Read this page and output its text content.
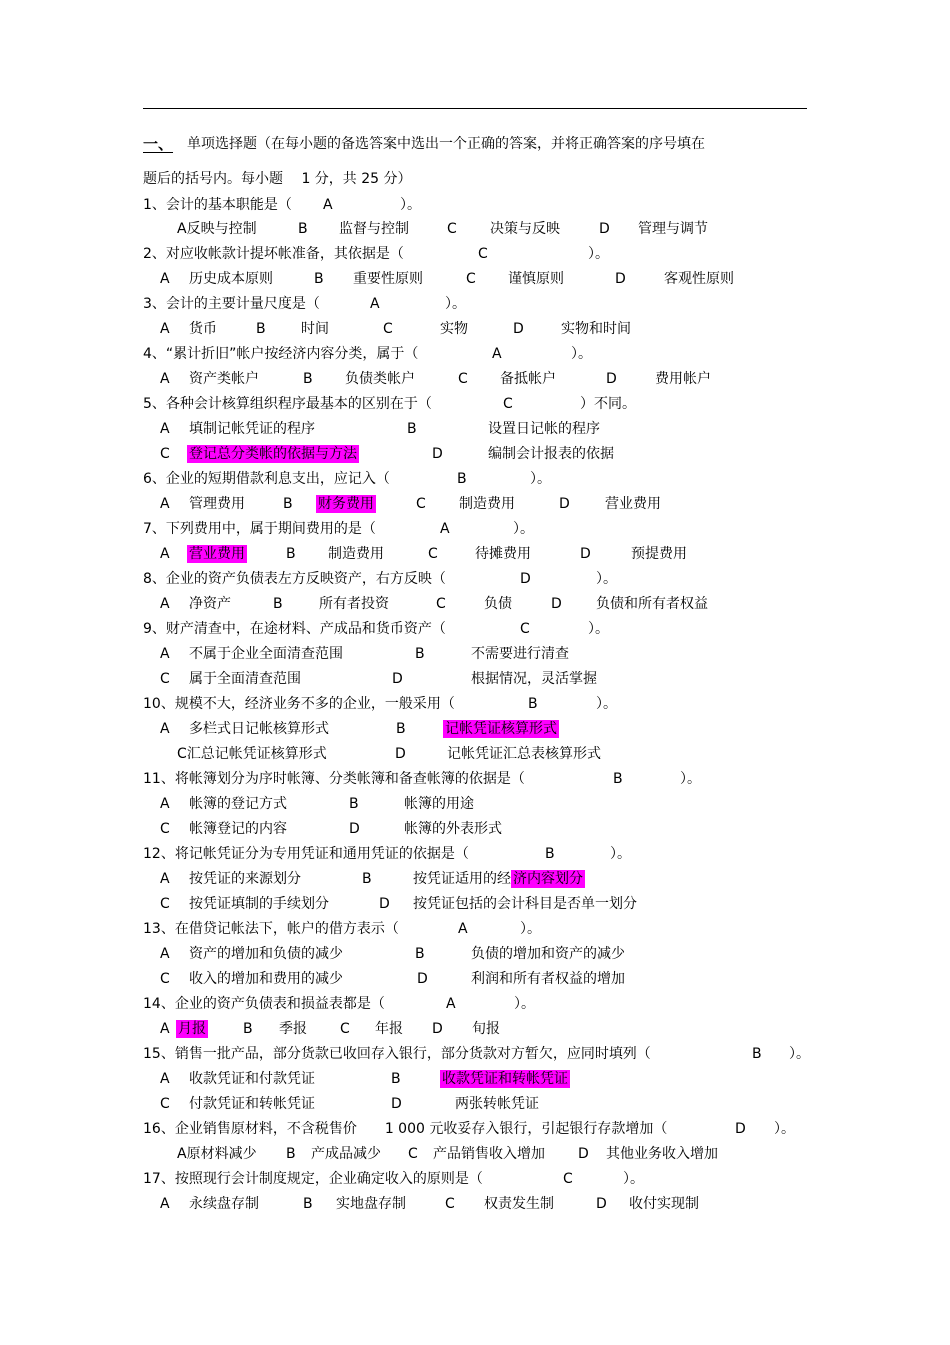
一、

单项选择题（在每小题的备选答案中选出一个正确的答案，并将正确答案的序号填在

题后的括号内。每小题　 1 分，共 25 分）

1、会计的基本职能是（ A	）。
A反映与控制	B 监督与控制	C 决策与反映	D 管理与调节
2、对应收帐款计提坏帐准备，其依据是（	C	）。
A 历史成本原则	B 重要性原则	C 谨慎原则	D	客观性原则
3、会计的主要计量尺度是（	A	）。
A 货币	B	时间	C	实物	D	实物和时间
4、“累计折旧”帐户按经济内容分类，属于（	A	）。
A 资产类帐户	B 负债类帐户	C 备抵帐户	D	费用帐户
5、各种会计核算组织程序最基本的区别在于（	C	）不同。
A 填制记帐凭证的程序	B	设置日记帐的程序
C 登记总分类帐的依据与方法	D	编制会计报表的依据
6、企业的短期借款利息支出，应记入（	B	）。
A 管理费用	B 财务费用	C 制造费用	D	营业费用
7、下列费用中，属于期间费用的是（	A	）。
A 营业费用	B 制造费用	C	待摊费用	D	预提费用
8、企业的资产负债表左方反映资产，右方反映（	D	）。
A 净资产	B	所有者投资	C	负债	D 负债和所有者权益
9、财产清查中，在途材料、产成品和货币资产（	C	）。
A 不属于企业全面清查范围	B	不需要进行清查
C 属于全面清查范围	D	根据情况，灵活掌握
10、规模不大，经济业务不多的企业，一般采用（	B	）。
A 多栏式日记帐核算形式	B	记帐凭证核算形式
C汇总记帐凭证核算形式	D	记帐凭证汇总表核算形式
11、将帐簿划分为序时帐簿、分类帐簿和备查帐簿的依据是（	B	）。
A 帐簿的登记方式	B	帐簿的用途
C 帐簿登记的内容	D	帐簿的外表形式
12、将记帐凭证分为专用凭证和通用凭证的依据是（	B	）。
A 按凭证的来源划分	B	按凭证适用的经 济内容划分
C 按凭证填制的手续划分	D 按凭证包括的会计科目是否单一划分
13、在借贷记帐法下，帐户的借方表示（	A	）。
A 资产的增加和负债的减少	B	负债的增加和资产的减少
C 收入的增加和费用的减少	D	利润和所有者权益的增加
14、企业的资产负债表和损益表都是（	A	）。
A 月报	B 季报 C 年报 D 旬报
15、销售一批产品，部分货款已收回存入银行，部分货款对方暂欠，应同时填列（	B ）。
A 收款凭证和付款凭证	B	收款凭证和转帐凭证
C 付款凭证和转帐凭证	D	两张转帐凭证
16、企业销售原材料，不含税售价　　1 000 元收妥存入银行，引起银行存款增加（	D ）。
A原材料减少 B 产成品减少 C 产品销售收入增加 D 其他业务收入增加
17、按照现行会计制度规定，企业确定收入的原则是（	C	）。
A 永续盘存制	B 实地盘存制	C 权责发生制	D 收付实现制
